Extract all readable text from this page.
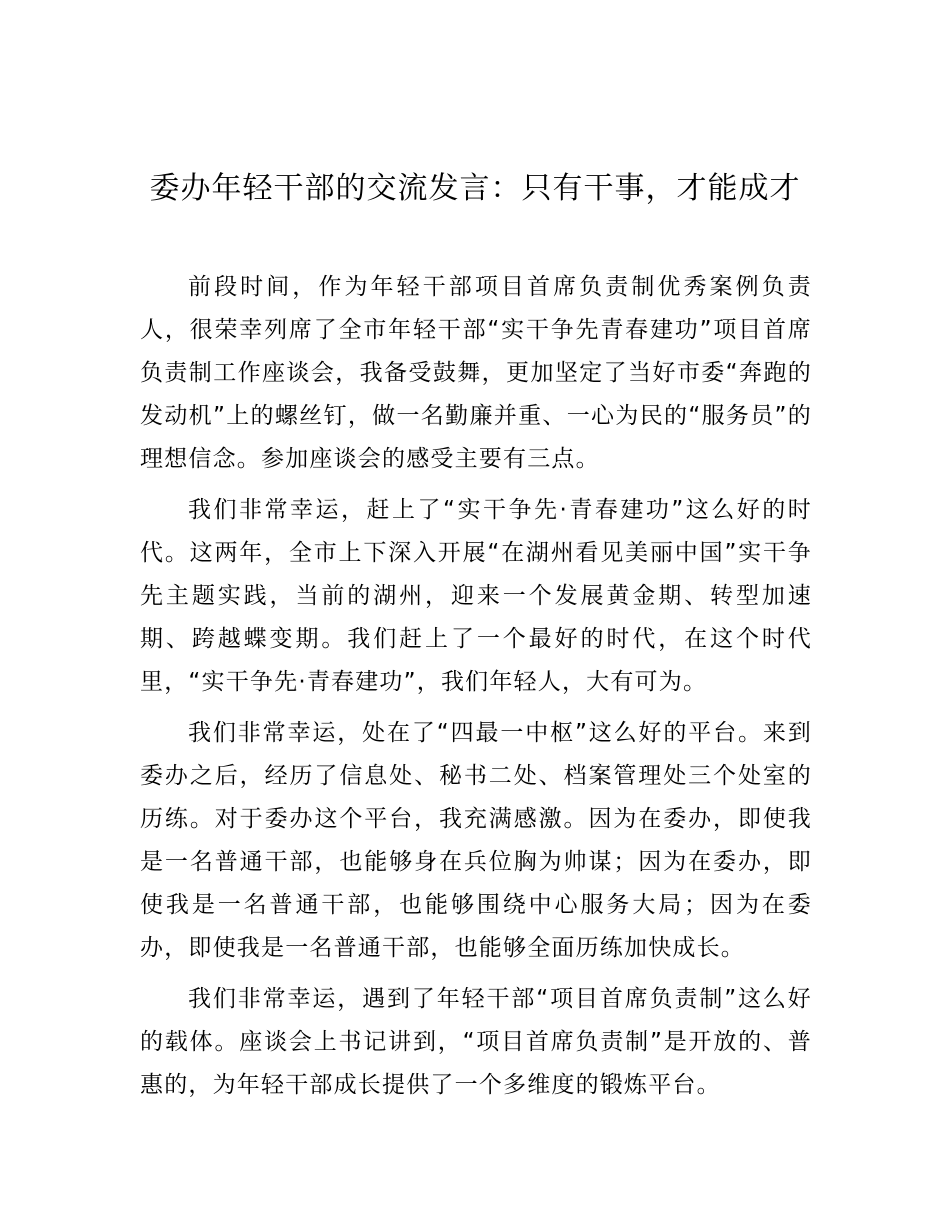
委办年轻干部的交流发言：只有干事，才能成才

前段时间，作为年轻干部项目首席负责制优秀案例负责人，很荣幸列席了全市年轻干部“实干争先青春建功”项目首席负责制工作座谈会，我备受鼓舞，更加坚定了当好市委“奔跑的发动机”上的螺丝钉，做一名勤廉并重、一心为民的“服务员”的理想信念。参加座谈会的感受主要有三点。

我们非常幸运，赶上了“实干争先·青春建功”这么好的时代。这两年，全市上下深入开展“在湖州看见美丽中国”实干争先主题实践，当前的湖州，迎来一个发展黄金期、转型加速期、跨越蝶变期。我们赶上了一个最好的时代，在这个时代里，“实干争先·青春建功”，我们年轻人，大有可为。

我们非常幸运，处在了“四最一中枢”这么好的平台。来到委办之后，经历了信息处、秘书二处、档案管理处三个处室的历练。对于委办这个平台，我充满感激。因为在委办，即使我是一名普通干部，也能够身在兵位胸为帅谋；因为在委办，即使我是一名普通干部，也能够围绕中心服务大局；因为在委办，即使我是一名普通干部，也能够全面历练加快成长。

我们非常幸运，遇到了年轻干部“项目首席负责制”这么好的载体。座谈会上书记讲到，“项目首席负责制”是开放的、普惠的，为年轻干部成长提供了一个多维度的锻炼平台。
